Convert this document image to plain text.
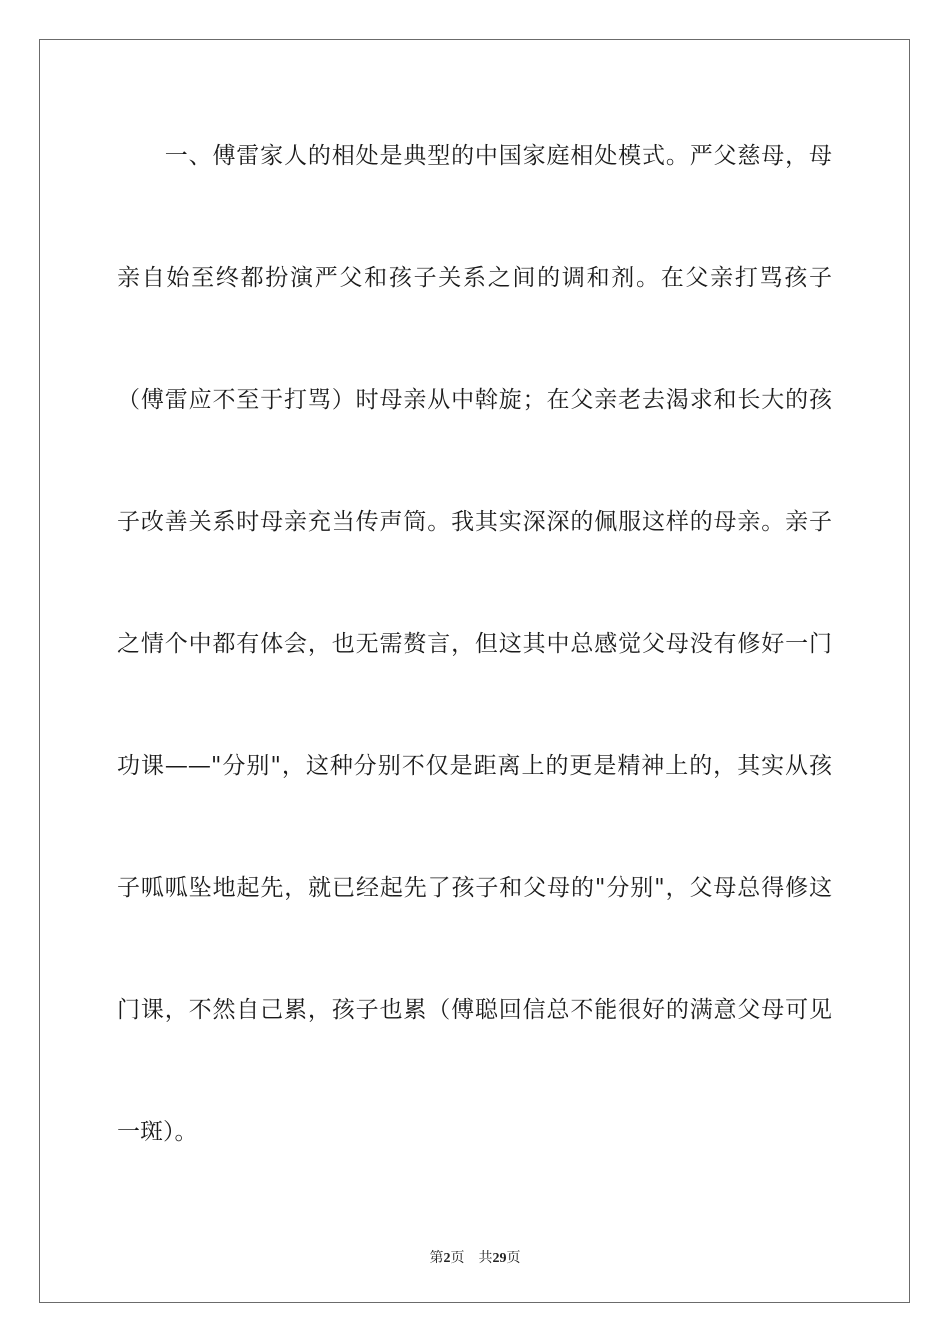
　　一、傅雷家人的相处是典型的中国家庭相处模式。严父慈母，母
亲自始至终都扮演严父和孩子关系之间的调和剂。在父亲打骂孩子
（傅雷应不至于打骂）时母亲从中斡旋；在父亲老去渴求和长大的孩
子改善关系时母亲充当传声筒。我其实深深的佩服这样的母亲。亲子
之情个中都有体会，也无需赘言，但这其中总感觉父母没有修好一门
功课——"分别"，这种分别不仅是距离上的更是精神上的，其实从孩
子呱呱坠地起先，就已经起先了孩子和父母的"分别"，父母总得修这
门课，不然自己累，孩子也累（傅聪回信总不能很好的满意父母可见
一斑）。
第2页 共29页
